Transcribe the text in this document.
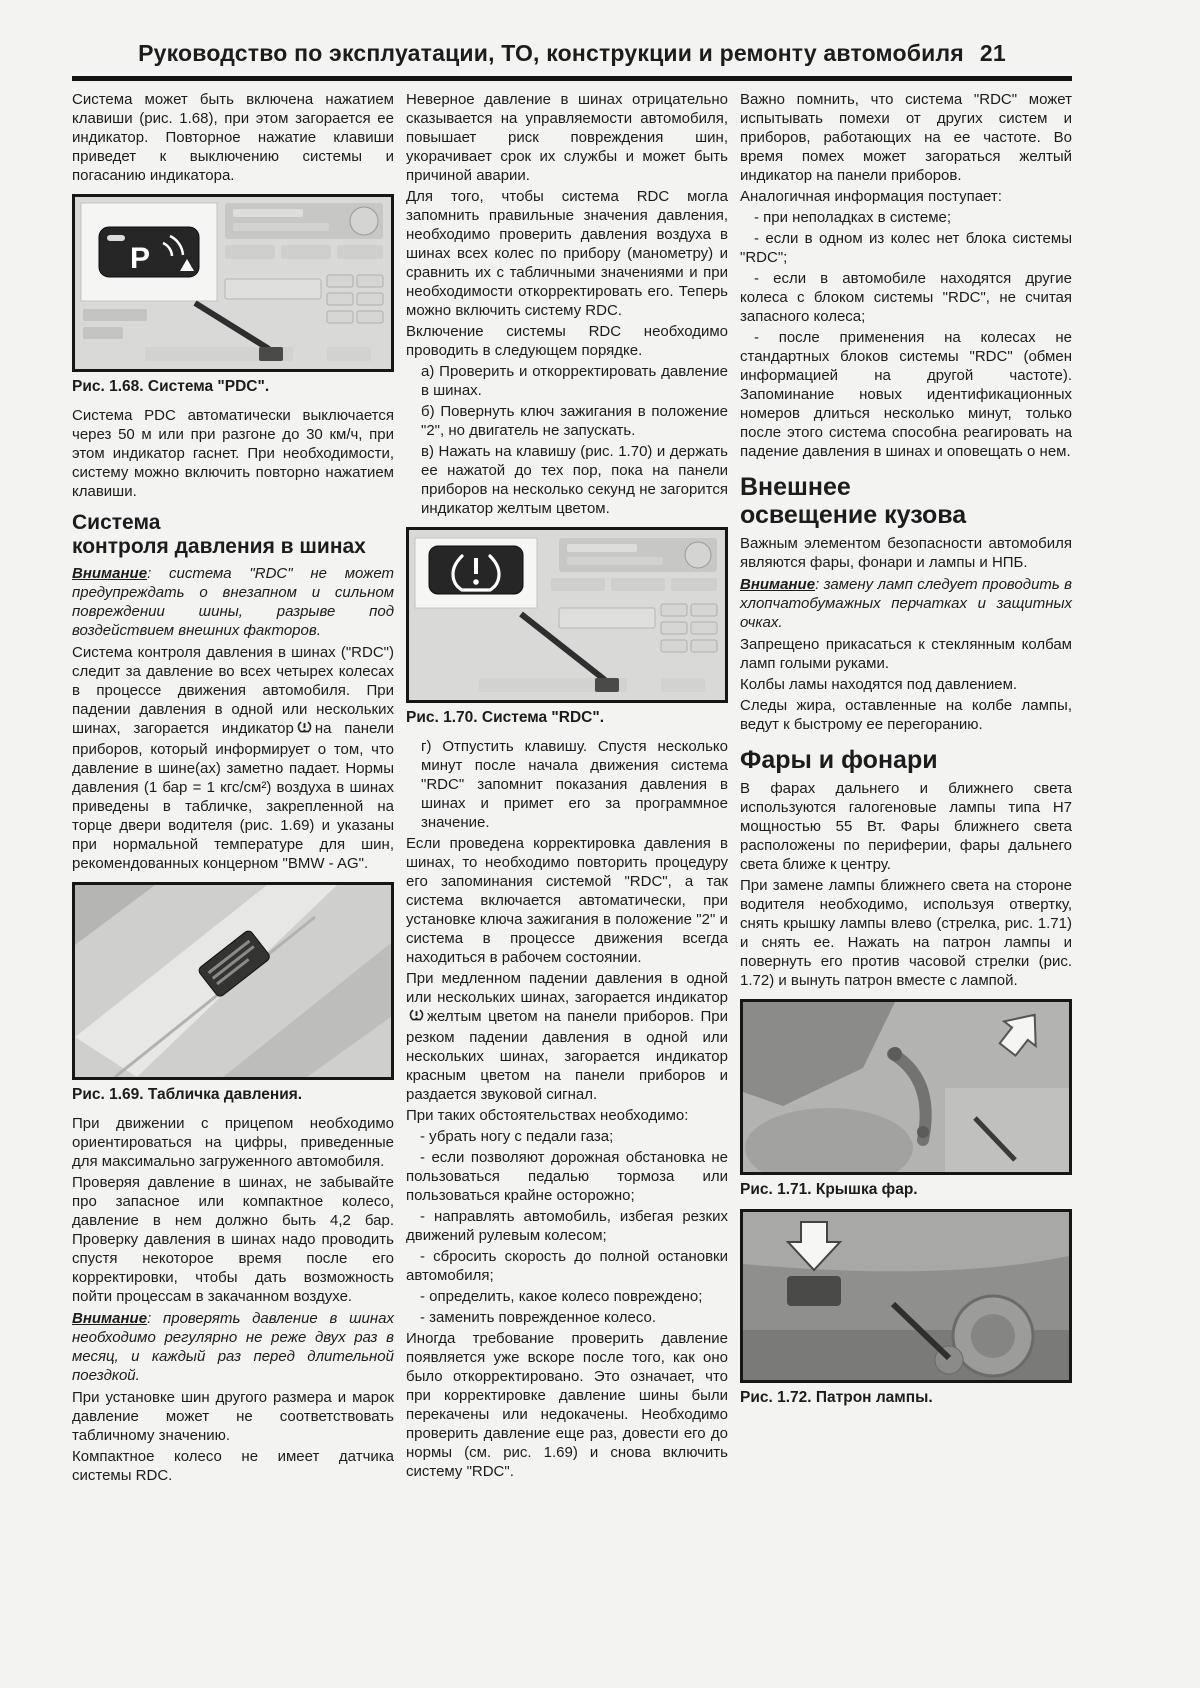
Руководство по эксплуатации, ТО, конструкции и ремонту автомобиля 21

Система может быть включена нажатием клавиши (рис. 1.68), при этом загорается ее индикатор. Повторное нажатие клавиши приведет к выключению системы и погасанию индикатора.

P
Рис. 1.68. Система "PDC".

Система PDC автоматически выключается через 50 м или при разгоне до 30 км/ч, при этом индикатор гаснет. При необходимости, систему можно включить повторно нажатием клавиши.

Система
контроля давления в шинах

Внимание: система "RDC" не может предупреждать о внезапном и сильном повреждении шины, разрыве под воздействием внешних факторов.

Система контроля давления в шинах ("RDC") следит за давление во всех четырех колесах в процессе движения автомобиля. При падении давления в одной или нескольких шинах, загорается индикатор на панели приборов, который информирует о том, что давление в шине(ах) заметно падает. Нормы давления (1 бар = 1 кгс/см²) воздуха в шинах приведены в табличке, закрепленной на торце двери водителя (рис. 1.69) и указаны при нормальной температуре для шин, рекомендованных концерном "BMW - AG".

Рис. 1.69. Табличка давления.

При движении с прицепом необходимо ориентироваться на цифры, приведенные для максимально загруженного автомобиля.

Проверяя давление в шинах, не забывайте про запасное или компактное колесо, давление в нем должно быть 4,2 бар. Проверку давления в шинах надо проводить спустя некоторое время после его корректировки, чтобы дать возможность пойти процессам в закачанном воздухе.

Внимание: проверять давление в шинах необходимо регулярно не реже двух раз в месяц, и каждый раз перед длительной поездкой.

При установке шин другого размера и марок давление может не соответствовать табличному значению.

Компактное колесо не имеет датчика системы RDC.

Неверное давление в шинах отрицательно сказывается на управляемости автомобиля, повышает риск повреждения шин, укорачивает срок их службы и может быть причиной аварии.

Для того, чтобы система RDC могла запомнить правильные значения давления, необходимо проверить давления воздуха в шинах всех колес по прибору (манометру) и сравнить их с табличными значениями и при необходимости откорректировать его. Теперь можно включить систему RDC.

Включение системы RDC необходимо проводить в следующем порядке.

а) Проверить и откорректировать давление в шинах.

б) Повернуть ключ зажигания в положение "2", но двигатель не запускать.

в) Нажать на клавишу (рис. 1.70) и держать ее нажатой до тех пор, пока на панели приборов на несколько секунд не загорится индикатор желтым цветом.

Рис. 1.70. Система "RDC".

г) Отпустить клавишу. Спустя несколько минут после начала движения система "RDC" запомнит показания давления в шинах и примет его за программное значение.

Если проведена корректировка давления в шинах, то необходимо повторить процедуру его запоминания системой "RDC", а так система включается автоматически, при установке ключа зажигания в положение "2" и система в процессе движения всегда находиться в рабочем состоянии.

При медленном падении давления в одной или нескольких шинах, загорается индикаторжелтым цветом на панели приборов. При резком падении давления в одной или нескольких шинах, загорается индикатор красным цветом на панели приборов и раздается звуковой сигнал.

При таких обстоятельствах необходимо:

- убрать ногу с педали газа;

- если позволяют дорожная обстановка не пользоваться педалью тормоза или пользоваться крайне осторожно;

- направлять автомобиль, избегая резких движений рулевым колесом;

- сбросить скорость до полной остановки автомобиля;

- определить, какое колесо повреждено;

- заменить поврежденное колесо.

Иногда требование проверить давление появляется уже вскоре после того, как оно было откорректировано. Это означает, что при корректировке давление шины были перекачены или недокачены. Необходимо проверить давление еще раз, довести его до нормы (см. рис. 1.69) и снова включить систему "RDC".

Важно помнить, что система "RDC" может испытывать помехи от других систем и приборов, работающих на ее частоте. Во время помех может загораться желтый индикатор на панели приборов.

Аналогичная информация поступает:

- при неполадках в системе;

- если в одном из колес нет блока системы "RDC";

- если в автомобиле находятся другие колеса с блоком системы "RDC", не считая запасного колеса;

- после применения на колесах не стандартных блоков системы "RDC" (обмен информацией на другой частоте). Запоминание новых идентификационных номеров длиться несколько минут, только после этого система способна реагировать на падение давления в шинах и оповещать о нем.

Внешнее
освещение кузова

Важным элементом безопасности автомобиля являются фары, фонари и лампы и НПБ.

Внимание: замену ламп следует проводить в хлопчатобумажных перчатках и защитных очках.

Запрещено прикасаться к стеклянным колбам ламп голыми руками.

Колбы ламы находятся под давлением.

Следы жира, оставленные на колбе лампы, ведут к быстрому ее перегоранию.

Фары и фонари

В фарах дальнего и ближнего света используются галогеновые лампы типа Н7 мощностью 55 Вт. Фары ближнего света расположены по периферии, фары дальнего света ближе к центру.

При замене лампы ближнего света на стороне водителя необходимо, используя отвертку, снять крышку лампы влево (стрелка, рис. 1.71) и снять ее. Нажать на патрон лампы и повернуть его против часовой стрелки (рис. 1.72) и вынуть патрон вместе с лампой.

Рис. 1.71. Крышка фар.
Рис. 1.72. Патрон лампы.
